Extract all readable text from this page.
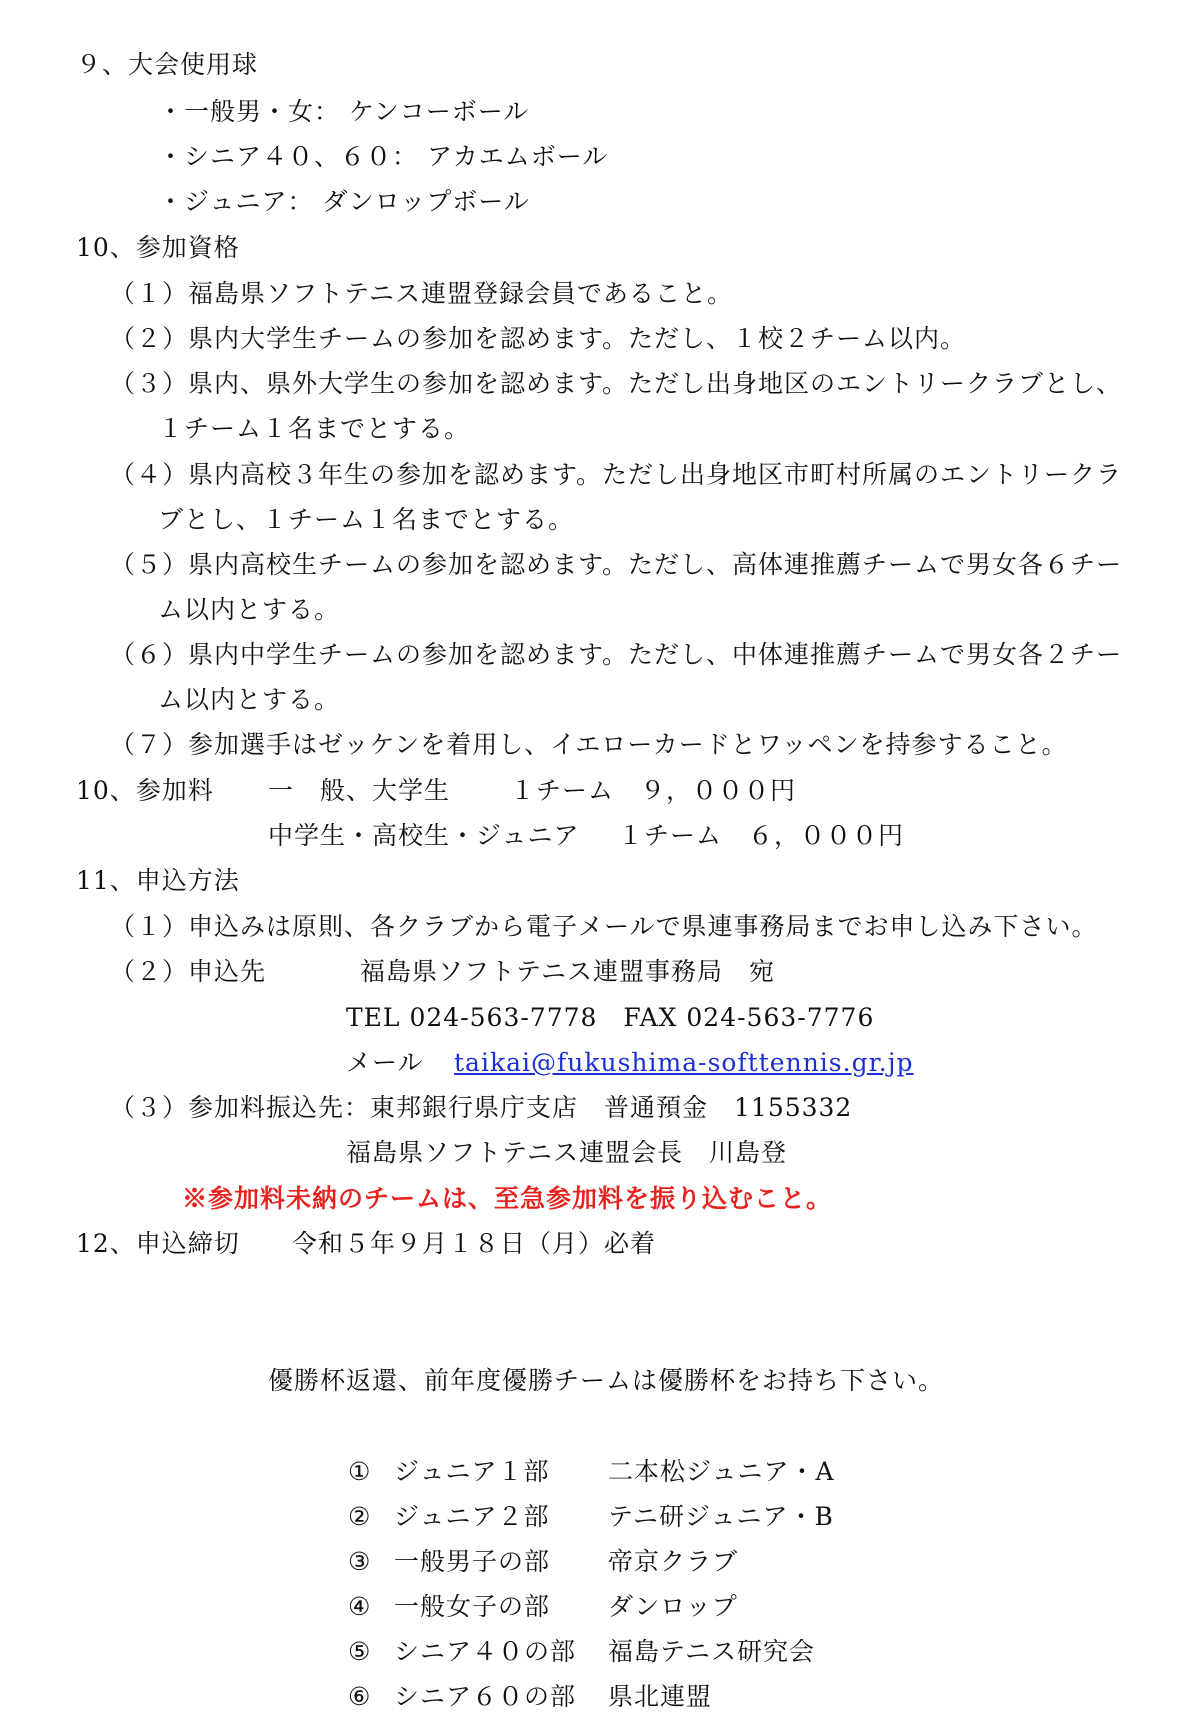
９、大会使用球
・一般男・女： ケンコーボール
・シニア４０、６０： アカエムボール
・ジュニア： ダンロップボール
10、参加資格
（１）福島県ソフトテニス連盟登録会員であること。
（２）県内大学生チームの参加を認めます。ただし、１校２チーム以内。
（３）県内、県外大学生の参加を認めます。ただし出身地区のエントリークラブとし、
１チーム１名までとする。
（４）県内高校３年生の参加を認めます。ただし出身地区市町村所属のエントリークラ
ブとし、１チーム１名までとする。
（５）県内高校生チームの参加を認めます。ただし、高体連推薦チームで男女各６チー
ム以内とする。
（６）県内中学生チームの参加を認めます。ただし、中体連推薦チームで男女各２チー
ム以内とする。
（７）参加選手はゼッケンを着用し、イエローカードとワッペンを持参すること。
10、参加料 一　般、大学生 １チーム　９，０００円
中学生・高校生・ジュニア １チーム　６，０００円
11、申込方法
（１）申込みは原則、各クラブから電子メールで県連事務局までお申し込み下さい。
（２）申込先	福島県ソフトテニス連盟事務局　宛
TEL 024-563-7778　FAX 024-563-7776
メール taikai@fukushima-softtennis.gr.jp
（３）参加料振込先：東邦銀行県庁支店　普通預金　1155332
福島県ソフトテニス連盟会長　川島登
※参加料未納のチームは、至急参加料を振り込むこと。
12、申込締切 令和５年９月１８日（月）必着
優勝杯返還、前年度優勝チームは優勝杯をお持ち下さい。
① ジュニア１部 二本松ジュニア・A
② ジュニア２部 テニ研ジュニア・B
③ 一般男子の部 帝京クラブ
④ 一般女子の部 ダンロップ
⑤ シニア４０の部 福島テニス研究会
⑥ シニア６０の部 県北連盟
